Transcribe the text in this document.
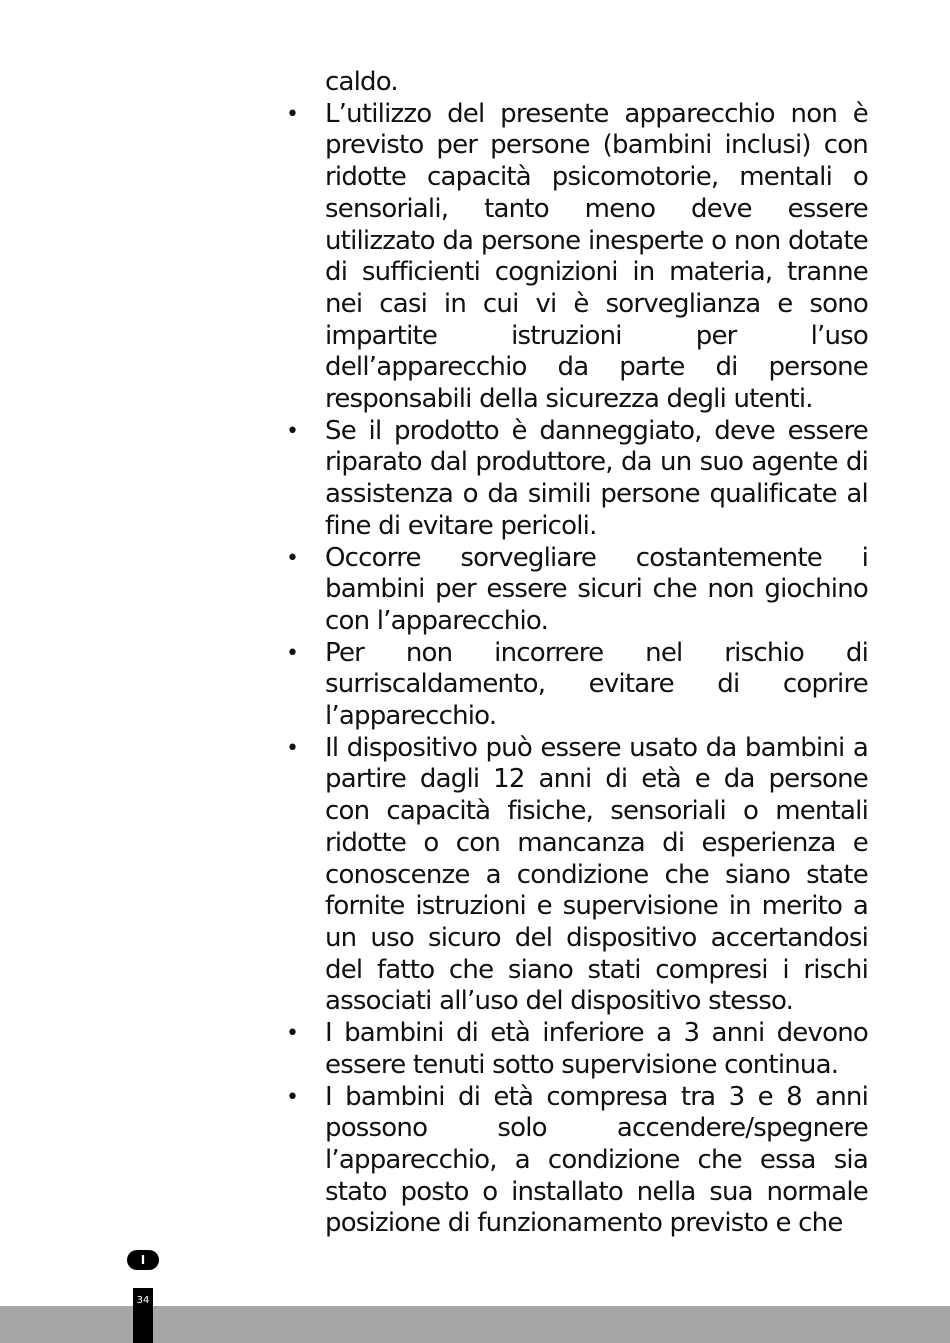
caldo.
•	L’utilizzo del presente apparecchio non è previsto per persone (bambini inclusi) con ridotte capacità psicomotorie, mentali o sensoriali, tanto meno deve essere utilizzato da persone inesperte o non dotate di sufficienti cognizioni in materia, tranne nei casi in cui vi è sorveglianza e sono impartite istruzioni per l’uso dell’apparecchio da parte di persone responsabili della sicurezza degli utenti.
•	Se il prodotto è danneggiato, deve essere riparato dal produttore, da un suo agente di assistenza o da simili persone qualificate al fine di evitare pericoli.
•	Occorre sorvegliare costantemente i bambini per essere sicuri che non giochino con l’apparecchio.
•	Per non incorrere nel rischio di surriscaldamento, evitare di coprire l’apparecchio.
•	Il dispositivo può essere usato da bambini a partire dagli 12 anni di età e da persone con capacità fisiche, sensoriali o mentali ridotte o con mancanza di esperienza e conoscenze a condizione che siano state fornite istruzioni e supervisione in merito a un uso sicuro del dispositivo accertandosi del fatto che siano stati compresi i rischi associati all’uso del dispositivo stesso.
•	I bambini di età inferiore a 3 anni devono essere tenuti sotto supervisione continua.
•	I bambini di età compresa tra 3 e 8 anni possono solo accendere/spegnere l’apparecchio, a condizione che essa sia stato posto o installato nella sua normale posizione di funzionamento previsto e che
I
34
